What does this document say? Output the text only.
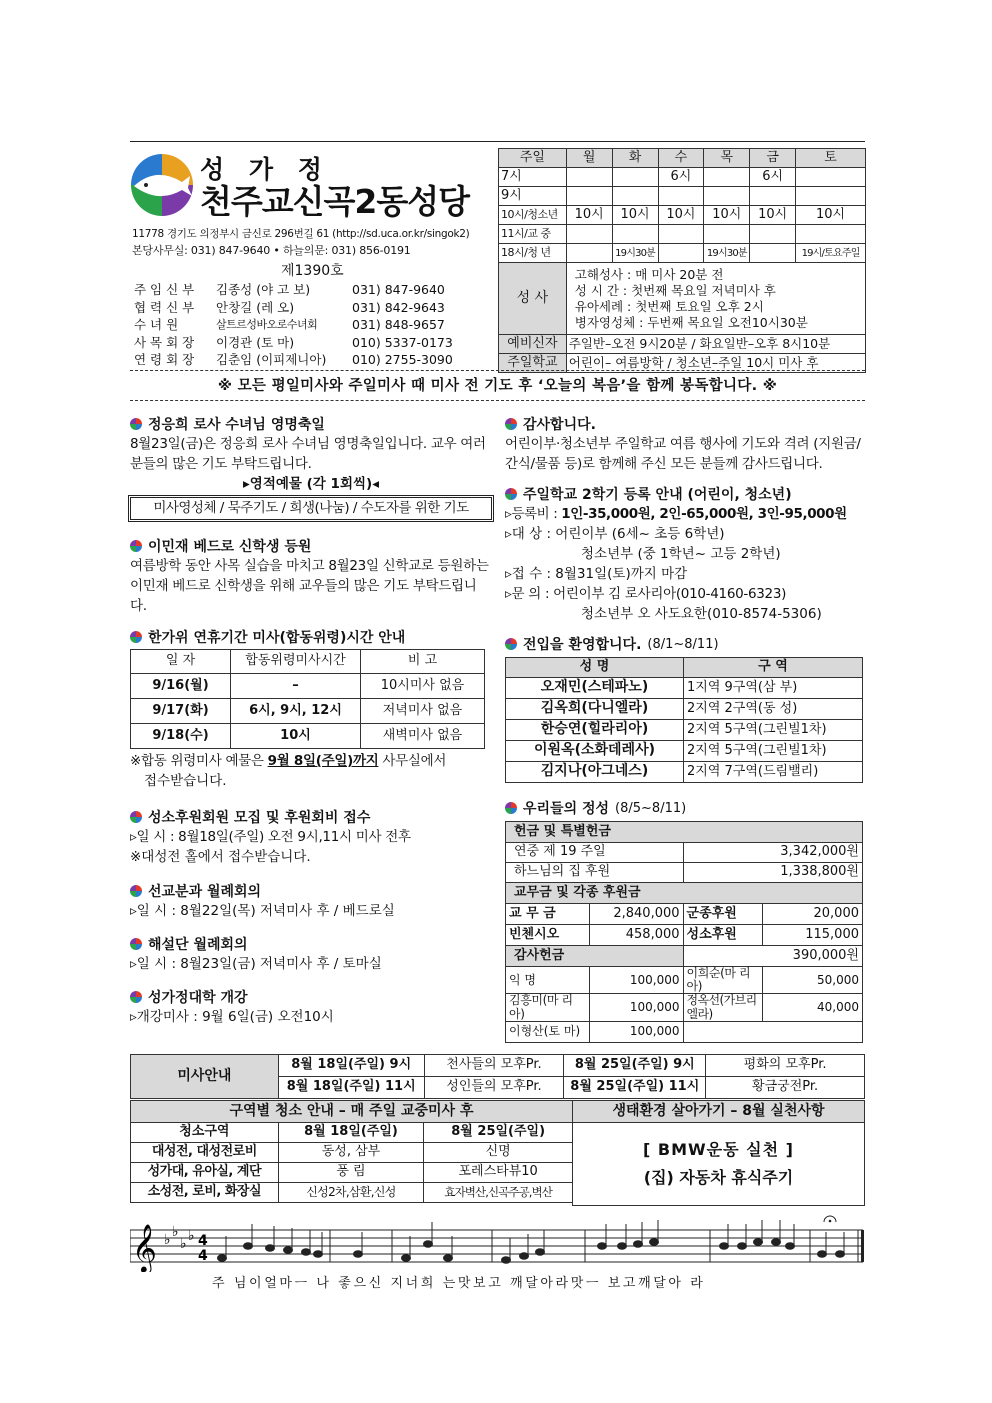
성 가 정
천주교신곡2동성당
11778 경기도 의정부시 금신로 296번길 61 (http://sd.uca.or.kr/singok2)
본당사무실: 031) 847-9640 • 하늘의문: 031) 856-0191
제1390호
주 임 신 부	김종성 (야 고 보)	031) 847-9640
협 력 신 부	안창길 (레 오)	031) 842-9643
수 녀 원	살트르성바오로수녀회	031) 848-9657
사 목 회 장	이경관 (토 마)	010) 5337-0173
연 령 회 장	김춘임 (이피제니아)	010) 2755-3090
주일	월	화	수	목	금	토
7시			6시		6시	
9시						
10시/청소년	10시	10시	10시	10시	10시	10시
11시/교 중						
18시/청 년		19시30분		19시30분		19시/토요주일
성 사	고해성사 : 매 미사 20분 전
성 시 간 : 첫번째 목요일 저녁미사 후
유아세례 : 첫번째 토요일 오후 2시
병자영성체 : 두번째 목요일 오전10시30분					

예비신자	주일반–오전 9시20분 / 화요일반–오후 8시10분					
주일학교	어린이– 여름방학 / 청소년–주일 10시 미사 후					
※ 모든 평일미사와 주일미사 때 미사 전 기도 후 ‘오늘의 복음’을 함께 봉독합니다. ※
정응희 로사 수녀님 영명축일
8월23일(금)은 정응희 로사 수녀님 영명축일입니다. 교우 여러분들의 많은 기도 부탁드립니다.
▸영적예물 (각 1회씩)◂
미사영성체 / 묵주기도 / 희생(나눔) / 수도자를 위한 기도
이민재 베드로 신학생 등원
여름방학 동안 사목 실습을 마치고 8월23일 신학교로 등원하는 이민재 베드로 신학생을 위해 교우들의 많은 기도 부탁드립니다.
한가위 연휴기간 미사(합동위령)시간 안내
일 자	합동위령미사시간	비 고
9/16(월)	–	10시미사 없음
9/17(화)	6시, 9시, 12시	저녁미사 없음
9/18(수)	10시	새벽미사 없음
※합동 위령미사 예물은 9월 8일(주일)까지 사무실에서
접수받습니다.
성소후원회원 모집 및 후원회비 접수
▹일 시 : 8월18일(주일) 오전 9시,11시 미사 전후
※대성전 홀에서 접수받습니다.
선교분과 월례회의
▹일 시 : 8월22일(목) 저녁미사 후 / 베드로실
해설단 월례회의
▹일 시 : 8월23일(금) 저녁미사 후 / 토마실
성가정대학 개강
▹개강미사 : 9월 6일(금) 오전10시
감사합니다.
어린이부·청소년부 주일학교 여름 행사에 기도와 격려 (지원금/간식/물품 등)로 함께해 주신 모든 분들께 감사드립니다.
주일학교 2학기 등록 안내 (어린이, 청소년)
▹등록비 : 1인-35,000원, 2인-65,000원, 3인-95,000원
▹대 상 : 어린이부 (6세~ 초등 6학년)
청소년부 (중 1학년~ 고등 2학년)
▹접 수 : 8월31일(토)까지 마감
▹문 의 : 어린이부 김 로사리아(010-4160-6323)
청소년부 오 사도요한(010-8574-5306)
전입을 환영합니다. (8/1~8/11)
성 명	구 역
오재민(스테파노)	1지역 9구역(삼 부)
김옥희(다니엘라)	2지역 2구역(동 성)
한승연(힐라리아)	2지역 5구역(그린빌1차)
이원옥(소화데레사)	2지역 5구역(그린빌1차)
김지나(아그네스)	2지역 7구역(드림밸리)
우리들의 정성 (8/5~8/11)
헌금 및 특별헌금			
연중 제 19 주일		3,342,000원	
하느님의 집 후원		1,338,800원	
교무금 및 각종 후원금			
교 무 금	2,840,000	군종후원	20,000
빈첸시오	458,000	성소후원	115,000
감사헌금		390,000원	
익 명	100,000	이희순(마 리 아)	50,000
김흥미(마 리 아)	100,000	정옥선(가브리엘라)	40,000
이형산(토 마)	100,000		
미사안내	8월 18일(주일) 9시	천사들의 모후Pr.	8월 25일(주일) 9시	평화의 모후Pr.
	8월 18일(주일) 11시	성인들의 모후Pr.	8월 25일(주일) 11시	황금궁전Pr.
구역별 청소 안내 – 매 주일 교중미사 후		
청소구역	8월 18일(주일)	8월 25일(주일)
대성전, 대성전로비	동성, 삼부	신명
성가대, 유아실, 계단	풍 림	포레스타뷰10
소성전, 로비, 화장실	신성2차,삼환,신성	효자벽산,신곡주공,벽산
생태환경 살아가기 – 8월 실천사항

[ BMW운동 실천 ]
(집) 자동차 휴식주기
𝄞 ♭ ♭
♭ ♭ 4
4
주 님이얼마ㅡ 나 좋으신 지너희 는맛보고 깨달아라맛ㅡ 보고깨달아 라
